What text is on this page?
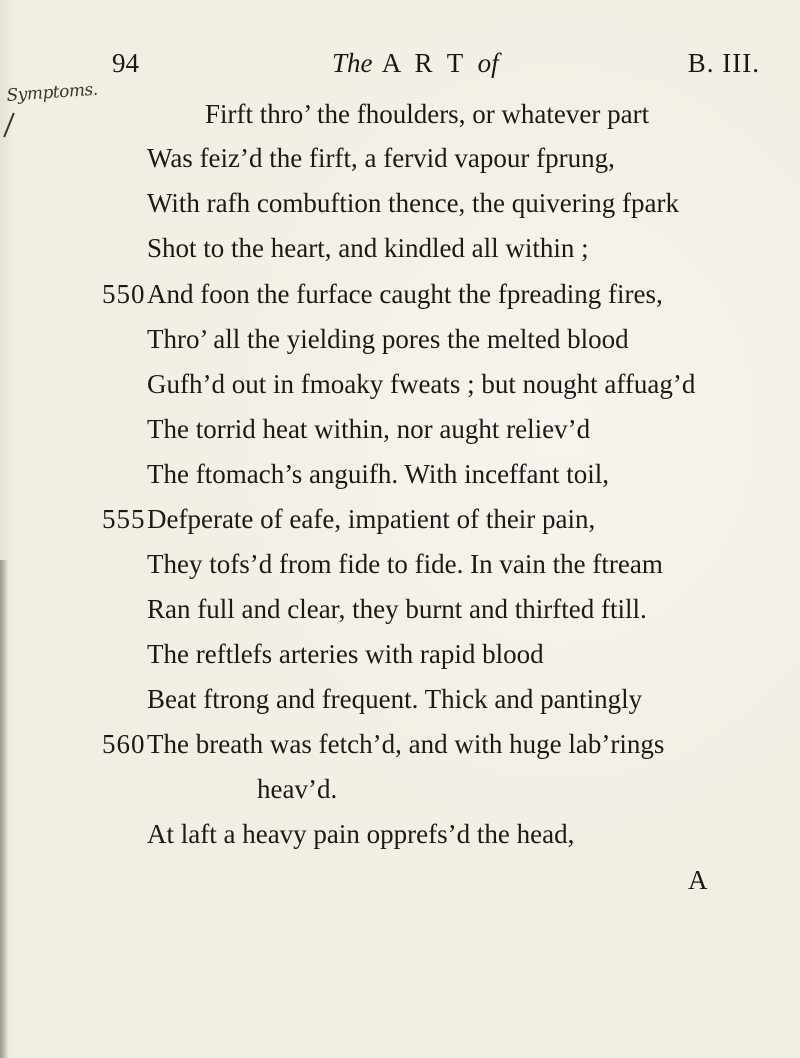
94	The A R T of	B. III.
Symptoms.
Firft thro’ the fhoulders, or whatever part
Was feiz’d the firft, a fervid vapour fprung,
With rafh combuftion thence, the quivering fpark
Shot to the heart, and kindled all within ;
550 And foon the furface caught the fpreading fires,
Thro’ all the yielding pores the melted blood
Gufh’d out in fmoaky fweats ; but nought affuag’d
The torrid heat within, nor aught reliev’d
The ftomach’s anguifh. With inceffant toil,
555 Defperate of eafe, impatient of their pain,
They tofs’d from fide to fide. In vain the ftream
Ran full and clear, they burnt and thirfted ftill.
The reftlefs arteries with rapid blood
Beat ftrong and frequent. Thick and pantingly
560 The breath was fetch’d, and with huge lab’rings
heav’d.
At laft a heavy pain opprefs’d the head,
A
